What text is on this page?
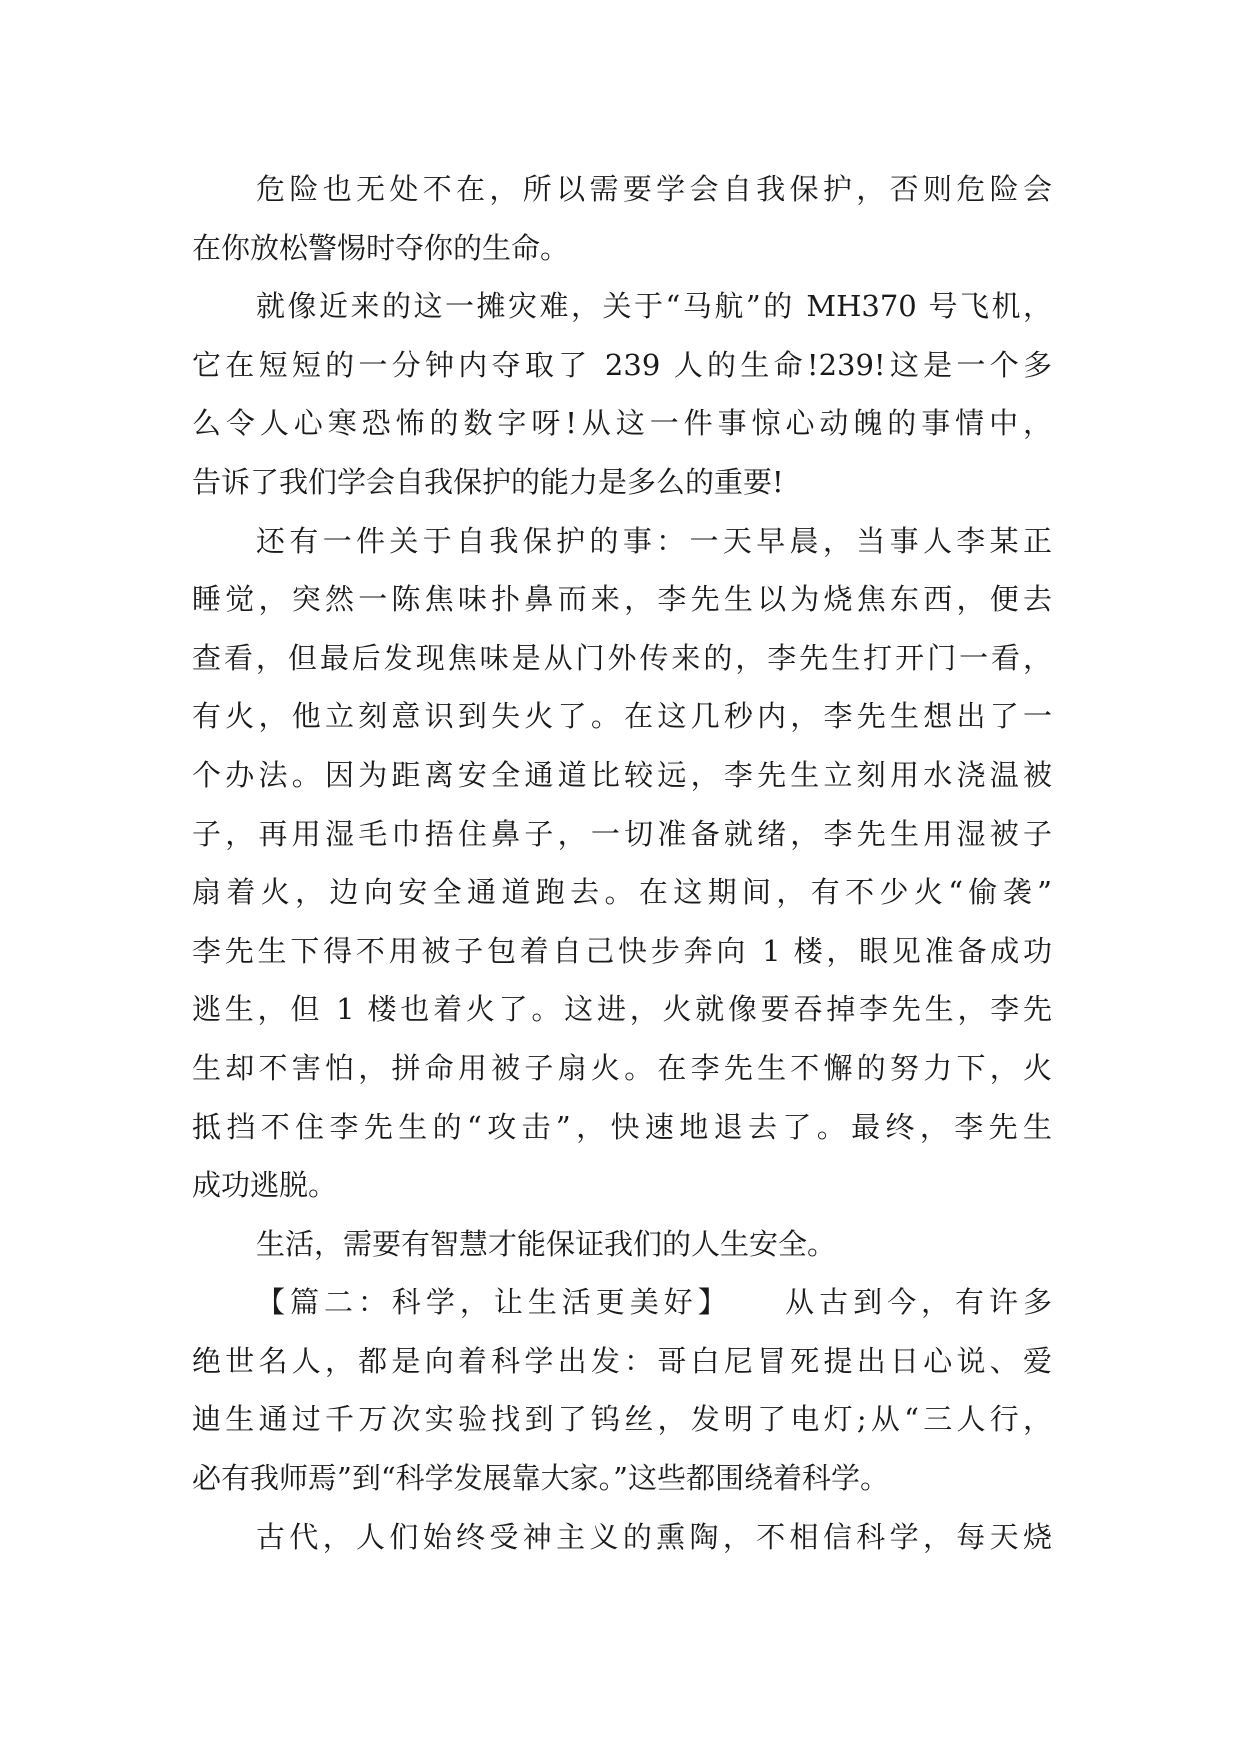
危险也无处不在，所以需要学会自我保护，否则危险会
在你放松警惕时夺你的生命。
就像近来的这一摊灾难，关于“马航”的 MH370 号飞机，
它在短短的一分钟内夺取了 239 人的生命!239!这是一个多
么令人心寒恐怖的数字呀!从这一件事惊心动魄的事情中，
告诉了我们学会自我保护的能力是多么的重要!
还有一件关于自我保护的事：一天早晨，当事人李某正
睡觉，突然一陈焦味扑鼻而来，李先生以为烧焦东西，便去
查看，但最后发现焦味是从门外传来的，李先生打开门一看，
有火，他立刻意识到失火了。在这几秒内，李先生想出了一
个办法。因为距离安全通道比较远，李先生立刻用水浇温被
子，再用湿毛巾捂住鼻子，一切准备就绪，李先生用湿被子
扇着火，边向安全通道跑去。在这期间，有不少火“偷袭”
李先生下得不用被子包着自己快步奔向 1 楼，眼见准备成功
逃生，但 1 楼也着火了。这进，火就像要吞掉李先生，李先
生却不害怕，拼命用被子扇火。在李先生不懈的努力下，火
抵挡不住李先生的“攻击”，快速地退去了。最终，李先生
成功逃脱。
生活，需要有智慧才能保证我们的人生安全。
【篇二：科学，让生活更美好】　　从古到今，有许多
绝世名人，都是向着科学出发：哥白尼冒死提出日心说、爱
迪生通过千万次实验找到了钨丝，发明了电灯;从“三人行，
必有我师焉”到“科学发展靠大家。”这些都围绕着科学。
古代，人们始终受神主义的熏陶，不相信科学，每天烧
